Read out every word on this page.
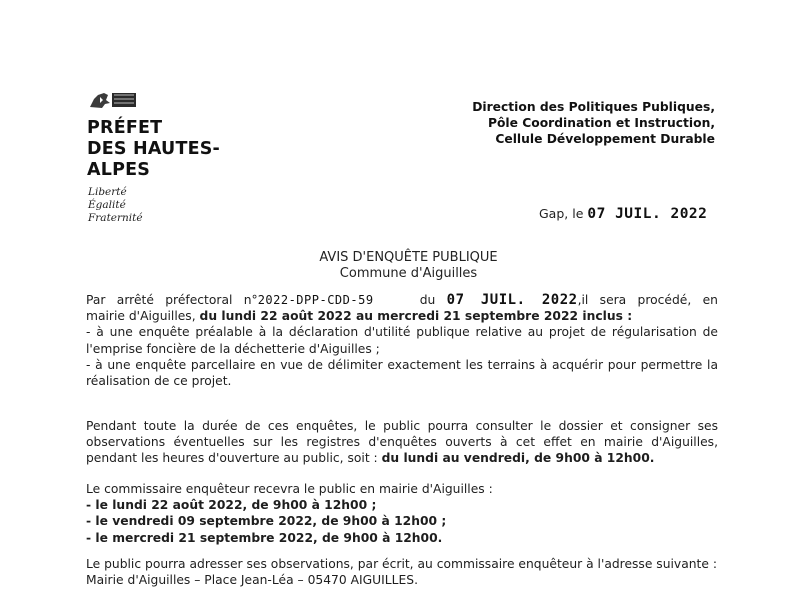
PRÉFET
DES HAUTES-
ALPES
Liberté
Égalité
Fraternité
Direction des Politiques Publiques,
Pôle Coordination et Instruction,
Cellule Développement Durable
Gap, le 07 JUIL. 2022
AVIS D'ENQUÊTE PUBLIQUE
Commune d'Aiguilles
Par arrêté préfectoral n°2022-DPP-CDD-59	du 07 JUIL. 2022,il sera procédé, en
mairie d'Aiguilles, du lundi 22 août 2022 au mercredi 21 septembre 2022 inclus :
- à une enquête préalable à la déclaration d'utilité publique relative au projet de régularisation de l'emprise foncière de la déchetterie d'Aiguilles ;
- à une enquête parcellaire en vue de délimiter exactement les terrains à acquérir pour permettre la réalisation de ce projet.
Pendant toute la durée de ces enquêtes, le public pourra consulter le dossier et consigner ses observations éventuelles sur les registres d'enquêtes ouverts à cet effet en mairie d'Aiguilles, pendant les heures d'ouverture au public, soit : du lundi au vendredi, de 9h00 à 12h00.
Le commissaire enquêteur recevra le public en mairie d'Aiguilles :
- le lundi 22 août 2022, de 9h00 à 12h00 ;
- le vendredi 09 septembre 2022, de 9h00 à 12h00 ;
- le mercredi 21 septembre 2022, de 9h00 à 12h00.
Le public pourra adresser ses observations, par écrit, au commissaire enquêteur à l'adresse suivante :
Mairie d'Aiguilles – Place Jean-Léa – 05470 AIGUILLES.
